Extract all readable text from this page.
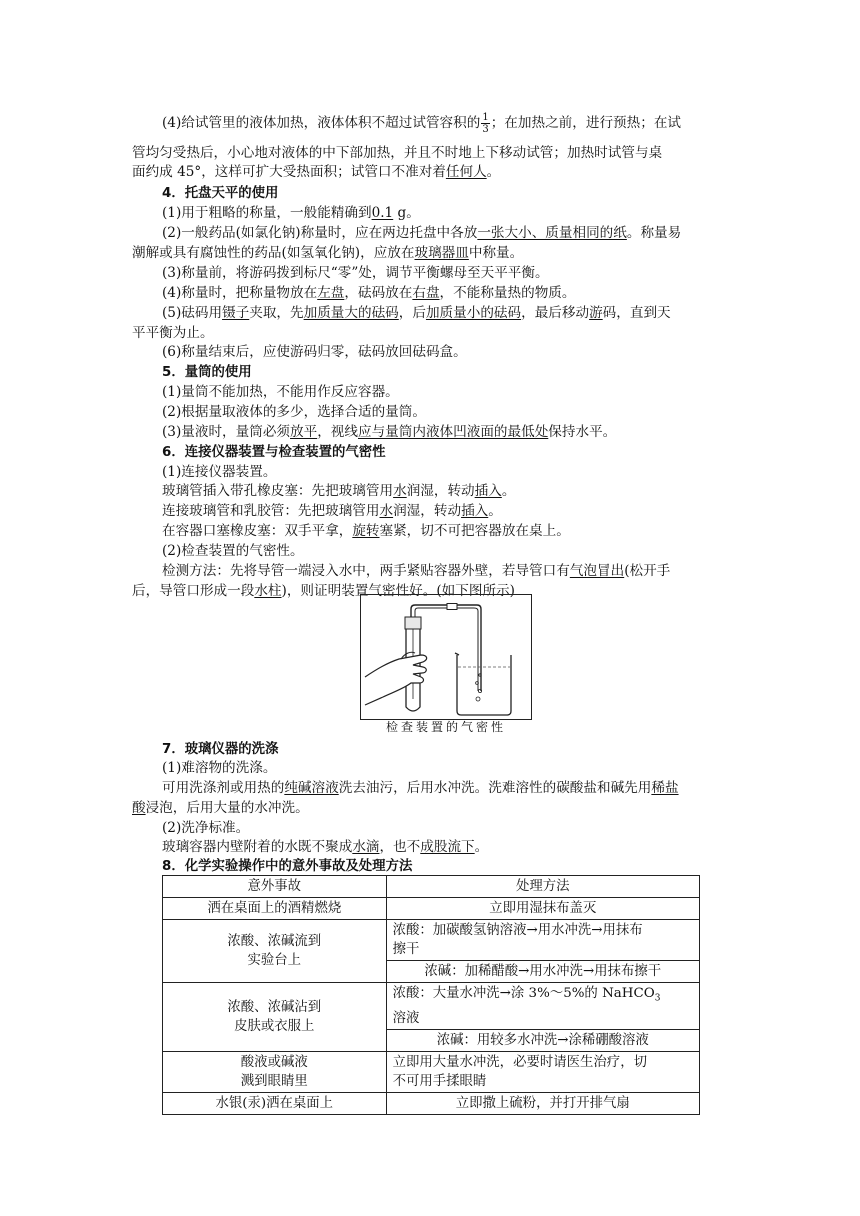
(4)给试管里的液体加热，液体体积不超过试管容积的 $\frac{1}{3}$ ；在加热之前，进行预热；在试
管均匀受热后，小心地对液体的中下部加热，并且不时地上下移动试管；加热时试管与桌
面约成 45°，这样可扩大受热面积；试管口不准对着任何人。
4．托盘天平的使用
(1)用于粗略的称量，一般能精确到0.1 g。
(2)一般药品(如氯化钠)称量时，应在两边托盘中各放一张大小、质量相同的纸。称量易
潮解或具有腐蚀性的药品(如氢氧化钠)，应放在玻璃器皿中称量。
(3)称量前，将游码拨到标尺“零”处，调节平衡螺母至天平平衡。
(4)称量时，把称量物放在左盘，砝码放在右盘，不能称量热的物质。
(5)砝码用镊子夹取，先加质量大的砝码，后加质量小的砝码，最后移动游码，直到天
平平衡为止。
(6)称量结束后，应使游码归零，砝码放回砝码盒。
5．量筒的使用
(1)量筒不能加热，不能用作反应容器。
(2)根据量取液体的多少，选择合适的量筒。
(3)量液时，量筒必须放平，视线应与量筒内液体凹液面的最低处保持水平。
6．连接仪器装置与检查装置的气密性
(1)连接仪器装置。
玻璃管插入带孔橡皮塞：先把玻璃管用水润湿，转动插入。
连接玻璃管和乳胶管：先把玻璃管用水润湿，转动插入。
在容器口塞橡皮塞：双手平拿，旋转塞紧，切不可把容器放在桌上。
(2)检查装置的气密性。
检测方法：先将导管一端浸入水中，两手紧贴容器外壁，若导管口有气泡冒出(松开手
后，导管口形成一段水柱)，则证明装置气密性好。(如下图所示)
检查装置的气密性
7．玻璃仪器的洗涤
(1)难溶物的洗涤。
可用洗涤剂或用热的纯碱溶液洗去油污，后用水冲洗。洗难溶性的碳酸盐和碱先用稀盐
酸浸泡，后用大量的水冲洗。
(2)洗净标准。
玻璃容器内壁附着的水既不聚成水滴，也不成股流下。
8．化学实验操作中的意外事故及处理方法
意外事故	处理方法
洒在桌面上的酒精燃烧	立即用湿抹布盖灭
浓酸、浓碱流到
实验台上	浓酸：加碳酸氢钠溶液→用水冲洗→用抹布
擦干
	浓碱：加稀醋酸→用水冲洗→用抹布擦干
浓酸、浓碱沾到
皮肤或衣服上	浓酸：大量水冲洗→涂 3%～5%的 NaHCO$_3$
溶液
	浓碱：用较多水冲洗→涂稀硼酸溶液
酸液或碱液
溅到眼睛里	立即用大量水冲洗，必要时请医生治疗，切
不可用手揉眼睛
水银(汞)洒在桌面上	立即撒上硫粉，并打开排气扇
